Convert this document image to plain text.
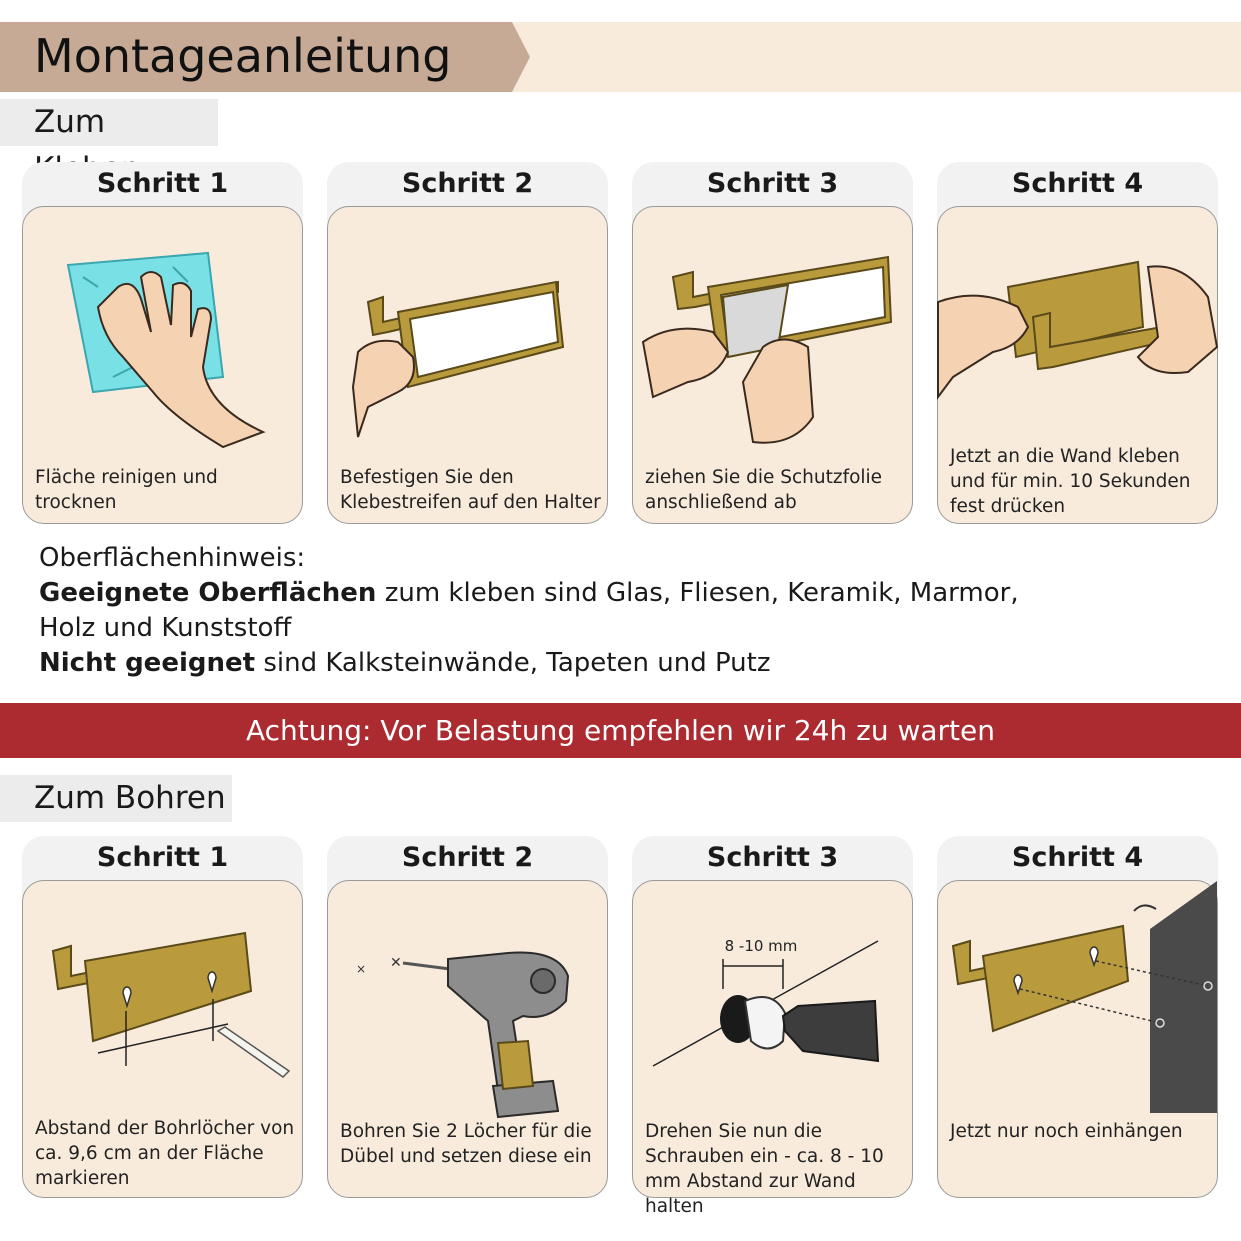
Montageanleitung
Zum
Schritt 1
Fläche reinigen und trocknen
Schritt 2
Befestigen Sie den Klebestreifen auf den Halter
Schritt 3
ziehen Sie die Schutzfolie anschließend ab
Schritt 4
Jetzt an die Wand kleben und für min. 10 Sekunden fest drücken
Oberflächenhinweis:
Geeignete Oberflächen zum kleben sind Glas, Fliesen, Keramik, Marmor, Holz und Kunststoff
Nicht geeignet sind Kalksteinwände, Tapeten und Putz
Achtung: Vor Belastung empfehlen wir 24h zu warten
Zum Bohren
Schritt 1
Abstand der Bohrlöcher von ca. 9,6 cm an der Fläche markieren
Schritt 2
× ✕
Bohren Sie 2 Löcher für die Dübel und setzen diese ein
Schritt 3
8 -10 mm
Drehen Sie nun die Schrauben ein - ca. 8 - 10 mm Abstand zur Wand halten
Schritt 4
Jetzt nur noch einhängen
